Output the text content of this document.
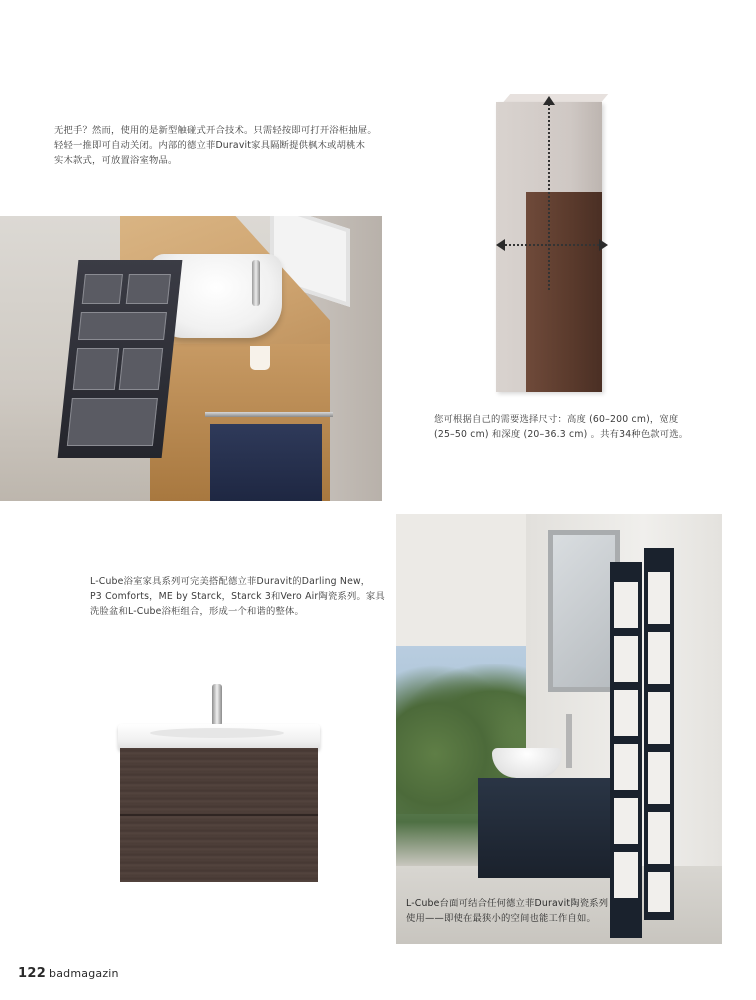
无把手？然而，使用的是新型触碰式开合技术。只需轻按即可打开浴柜抽屉。

轻轻一推即可自动关闭。内部的德立菲Duravit家具隔断提供枫木或胡桃木

实木款式，可放置浴室物品。

您可根据自己的需要选择尺寸：高度 (60–200 cm)，宽度

(25–50 cm) 和深度 (20–36.3 cm) 。共有34种色款可选。

L-Cube浴室家具系列可完美搭配德立菲Duravit的Darling New，

P3 Comforts，ME by Starck，Starck 3和Vero Air陶瓷系列。家具

洗脸盆和L-Cube浴柜组合，形成一个和谐的整体。

L-Cube台面可结合任何德立菲Duravit陶瓷系列

使用——即使在最狭小的空间也能工作自如。

122 badmagazin
